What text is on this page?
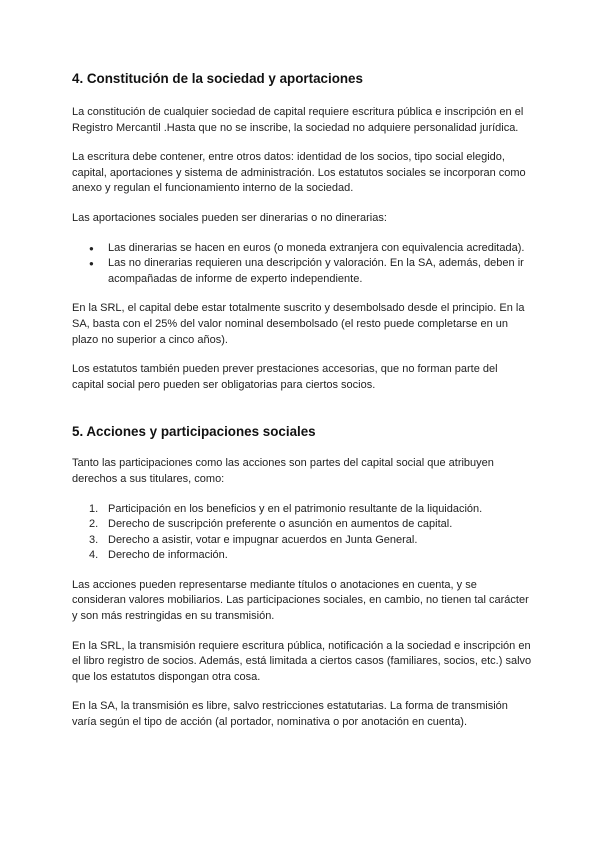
4. Constitución de la sociedad y aportaciones

La constitución de cualquier sociedad de capital requiere escritura pública e inscripción en el Registro Mercantil .Hasta que no se inscribe, la sociedad no adquiere personalidad jurídica.

La escritura debe contener, entre otros datos: identidad de los socios, tipo social elegido, capital, aportaciones y sistema de administración. Los estatutos sociales se incorporan como anexo y regulan el funcionamiento interno de la sociedad.

Las aportaciones sociales pueden ser dinerarias o no dinerarias:

● Las dinerarias se hacen en euros (o moneda extranjera con equivalencia acreditada).
● Las no dinerarias requieren una descripción y valoración. En la SA, además, deben ir acompañadas de informe de experto independiente.

En la SRL, el capital debe estar totalmente suscrito y desembolsado desde el principio. En la SA, basta con el 25% del valor nominal desembolsado (el resto puede completarse en un plazo no superior a cinco años).

Los estatutos también pueden prever prestaciones accesorias, que no forman parte del capital social pero pueden ser obligatorias para ciertos socios.

5. Acciones y participaciones sociales

Tanto las participaciones como las acciones son partes del capital social que atribuyen derechos a sus titulares, como:

1. Participación en los beneficios y en el patrimonio resultante de la liquidación.
2. Derecho de suscripción preferente o asunción en aumentos de capital.
3. Derecho a asistir, votar e impugnar acuerdos en Junta General.
4. Derecho de información.

Las acciones pueden representarse mediante títulos o anotaciones en cuenta, y se consideran valores mobiliarios. Las participaciones sociales, en cambio, no tienen tal carácter y son más restringidas en su transmisión.

En la SRL, la transmisión requiere escritura pública, notificación a la sociedad e inscripción en el libro registro de socios. Además, está limitada a ciertos casos (familiares, socios, etc.) salvo que los estatutos dispongan otra cosa.

En la SA, la transmisión es libre, salvo restricciones estatutarias. La forma de transmisión varía según el tipo de acción (al portador, nominativa o por anotación en cuenta).
